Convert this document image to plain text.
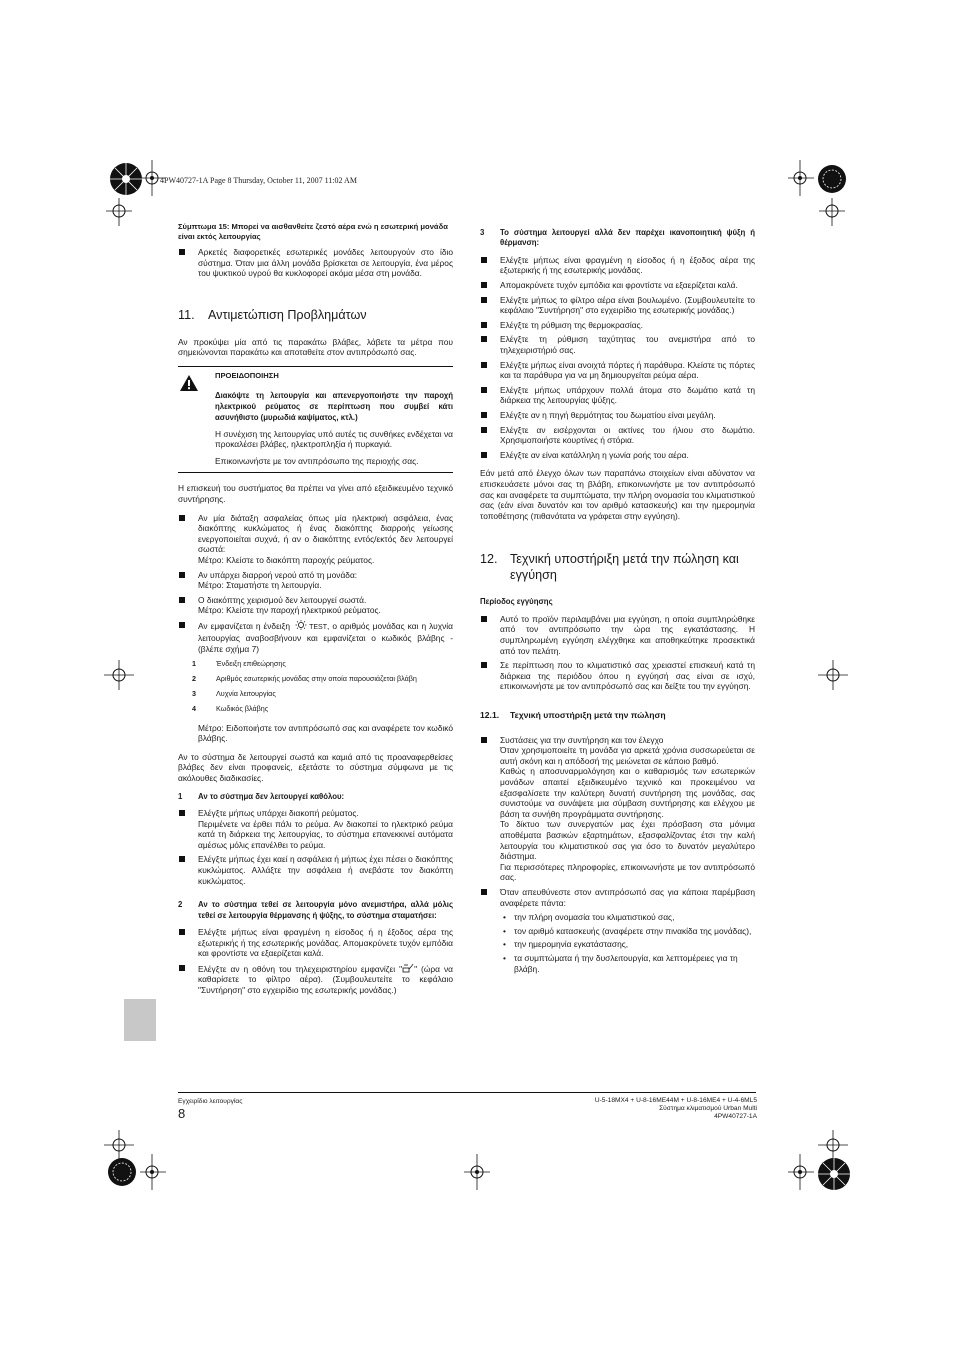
4PW40727-1A Page 8 Thursday, October 11, 2007 11:02 AM
Σύμπτωμα 15: Μπορεί να αισθανθείτε ζεστό αέρα ενώ η εσωτερική μονάδα είναι εκτός λειτουργίας
Αρκετές διαφορετικές εσωτερικές μονάδες λειτουργούν στο ίδιο σύστημα. Όταν μια άλλη μονάδα βρίσκεται σε λειτουργία, ένα μέρος του ψυκτικού υγρού θα κυκλοφορεί ακόμα μέσα στη μονάδα.
11. Αντιμετώπιση Προβλημάτων

Αν προκύψει μία από τις παρακάτω βλάβες, λάβετε τα μέτρα που σημειώνονται παρακάτω και αποταθείτε στον αντιπρόσωπό σας.

ΠΡΟΕΙΔΟΠΟΙΗΣΗ
Διακόψτε τη λειτουργία και απενεργοποιήστε την παροχή ηλεκτρικού ρεύματος σε περίπτωση που συμβεί κάτι ασυνήθιστο (μυρωδιά καψίματος, κτλ.)

Η συνέχιση της λειτουργίας υπό αυτές τις συνθήκες ενδέχεται να προκαλέσει βλάβες, ηλεκτροπληξία ή πυρκαγιά.

Επικοινωνήστε με τον αντιπρόσωπο της περιοχής σας.

Η επισκευή του συστήματος θα πρέπει να γίνει από εξειδικευμένο τεχνικό συντήρησης.

Αν μία διάταξη ασφαλείας όπως μία ηλεκτρική ασφάλεια, ένας διακόπτης κυκλώματος ή ένας διακόπτης διαρροής γείωσης ενεργοποιείται συχνά, ή αν ο διακόπτης εντός/εκτός δεν λειτουργεί σωστά:
Μέτρο: Κλείστε το διακόπτη παροχής ρεύματος.
Αν υπάρχει διαρροή νερού από τη μονάδα:
Μέτρο: Σταματήστε τη λειτουργία.
Ο διακόπτης χειρισμού δεν λειτουργεί σωστά.
Μέτρο: Κλείστε την παροχή ηλεκτρικού ρεύματος.
Αν εμφανίζεται η ένδειξη	TEST, ο αριθμός μονάδας και η λυχνία λειτουργίας αναβοσβήνουν και εμφανίζεται ο κωδικός βλάβης - (βλέπε σχήμα 7)
1	Ένδειξη επιθεώρησης
2	Αριθμός εσωτερικής μονάδας στην οποία παρουσιάζεται βλάβη
3	Λυχνία λειτουργίας
4	Κωδικός βλάβης

Μέτρο: Ειδοποιήστε τον αντιπρόσωπό σας και αναφέρετε τον κωδικό βλάβης.

Αν το σύστημα δε λειτουργεί σωστά και καμιά από τις προαναφερθείσες βλάβες δεν είναι προφανείς, εξετάστε το σύστημα σύμφωνα με τις ακόλουθες διαδικασίες.

1 Αν το σύστημα δεν λειτουργεί καθόλου:
Ελέγξτε μήπως υπάρχει διακοπή ρεύματος.
Περιμένετε να έρθει πάλι το ρεύμα. Αν διακοπεί το ηλεκτρικό ρεύμα κατά τη διάρκεια της λειτουργίας, το σύστημα επανεκκινεί αυτόματα αμέσως μόλις επανέλθει το ρεύμα.
Ελέγξτε μήπως έχει καεί η ασφάλεια ή μήπως έχει πέσει ο διακόπτης κυκλώματος. Αλλάξτε την ασφάλεια ή ανεβάστε τον διακόπτη κυκλώματος.
2 Αν το σύστημα τεθεί σε λειτουργία μόνο ανεμιστήρα, αλλά μόλις τεθεί σε λειτουργία θέρμανσης ή ψύξης, το σύστημα σταματήσει:
Ελέγξτε μήπως είναι φραγμένη η είσοδος ή η έξοδος αέρα της εξωτερικής ή της εσωτερικής μονάδας. Απομακρύνετε τυχόν εμπόδια και φροντίστε να εξαερίζεται καλά.
Ελέγξτε αν η οθόνη του τηλεχειριστηρίου εμφανίζει " " (ώρα να καθαρίσετε το φίλτρο αέρα). (Συμβουλευτείτε το κεφάλαιο "Συντήρηση" στο εγχειρίδιο της εσωτερικής μονάδας.)
3 Το σύστημα λειτουργεί αλλά δεν παρέχει ικανοποιητική ψύξη ή θέρμανση:
Ελέγξτε μήπως είναι φραγμένη η είσοδος ή η έξοδος αέρα της εξωτερικής ή της εσωτερικής μονάδας.
Απομακρύνετε τυχόν εμπόδια και φροντίστε να εξαερίζεται καλά.
Ελέγξτε μήπως το φίλτρο αέρα είναι βουλωμένο. (Συμβουλευτείτε το κεφάλαιο "Συντήρηση" στο εγχειρίδιο της εσωτερικής μονάδας.)
Ελέγξτε τη ρύθμιση της θερμοκρασίας.
Ελέγξτε τη ρύθμιση ταχύτητας του ανεμιστήρα από το τηλεχειριστήριό σας.
Ελέγξτε μήπως είναι ανοιχτά πόρτες ή παράθυρα. Κλείστε τις πόρτες και τα παράθυρα για να μη δημιουργείται ρεύμα αέρα.
Ελέγξτε μήπως υπάρχουν πολλά άτομα στο δωμάτιο κατά τη διάρκεια της λειτουργίας ψύξης.
Ελέγξτε αν η πηγή θερμότητας του δωματίου είναι μεγάλη.
Ελέγξτε αν εισέρχονται οι ακτίνες του ήλιου στο δωμάτιο. Χρησιμοποιήστε κουρτίνες ή στόρια.
Ελέγξτε αν είναι κατάλληλη η γωνία ροής του αέρα.

Εάν μετά από έλεγχο όλων των παραπάνω στοιχείων είναι αδύνατον να επισκευάσετε μόνοι σας τη βλάβη, επικοινωνήστε με τον αντιπρόσωπό σας και αναφέρετε τα συμπτώματα, την πλήρη ονομασία του κλιματιστικού σας (εάν είναι δυνατόν και τον αριθμό κατασκευής) και την ημερομηνία τοποθέτησης (πιθανότατα να γράφεται στην εγγύηση).

12. Τεχνική υποστήριξη μετά την πώληση και εγγύηση
Περίοδος εγγύησης
Αυτό το προϊόν περιλαμβάνει μια εγγύηση, η οποία συμπληρώθηκε από τον αντιπρόσωπο την ώρα της εγκατάστασης. Η συμπληρωμένη εγγύηση ελέγχθηκε και αποθηκεύτηκε προσεκτικά από τον πελάτη.
Σε περίπτωση που το κλιματιστικό σας χρειαστεί επισκευή κατά τη διάρκεια της περιόδου όπου η εγγύησή σας είναι σε ισχύ, επικοινωνήστε με τον αντιπρόσωπό σας και δείξτε του την εγγύηση.
12.1. Τεχνική υποστήριξη μετά την πώληση
Συστάσεις για την συντήρηση και τον έλεγχο
Όταν χρησιμοποιείτε τη μονάδα για αρκετά χρόνια συσσωρεύεται σε αυτή σκόνη και η απόδοσή της μειώνεται σε κάποιο βαθμό.
Καθώς η αποσυναρμολόγηση και ο καθαρισμός των εσωτερικών μονάδων απαιτεί εξειδικευμένο τεχνικό και προκειμένου να εξασφαλίσετε την καλύτερη δυνατή συντήρηση της μονάδας, σας συνιστούμε να συνάψετε μια σύμβαση συντήρησης και ελέγχου με βάση τα συνήθη προγράμματα συντήρησης.
Το δίκτυο των συνεργατών μας έχει πρόσβαση στα μόνιμα αποθέματα βασικών εξαρτημάτων, εξασφαλίζοντας έτσι την καλή λειτουργία του κλιματιστικού σας για όσο το δυνατόν μεγαλύτερο διάστημα.
Για περισσότερες πληροφορίες, επικοινωνήστε με τον αντιπρόσωπό σας.
Όταν απευθύνεστε στον αντιπρόσωπό σας για κάποια παρέμβαση αναφέρετε πάντα:
• την πλήρη ονομασία του κλιματιστικού σας,
• τον αριθμό κατασκευής (αναφέρετε στην πινακίδα της μονάδας),
• την ημερομηνία εγκατάστασης,
• τα συμπτώματα ή την δυσλειτουργία, και λεπτομέρειες για τη βλάβη.
Εγχειρίδιο λειτουργίας
8
U-5-18MX4 + U-8-16ME44M + U-8-16ME4 + U-4-6ML5
Σύστημα κλιματισμού Urban Multi
4PW40727-1A
